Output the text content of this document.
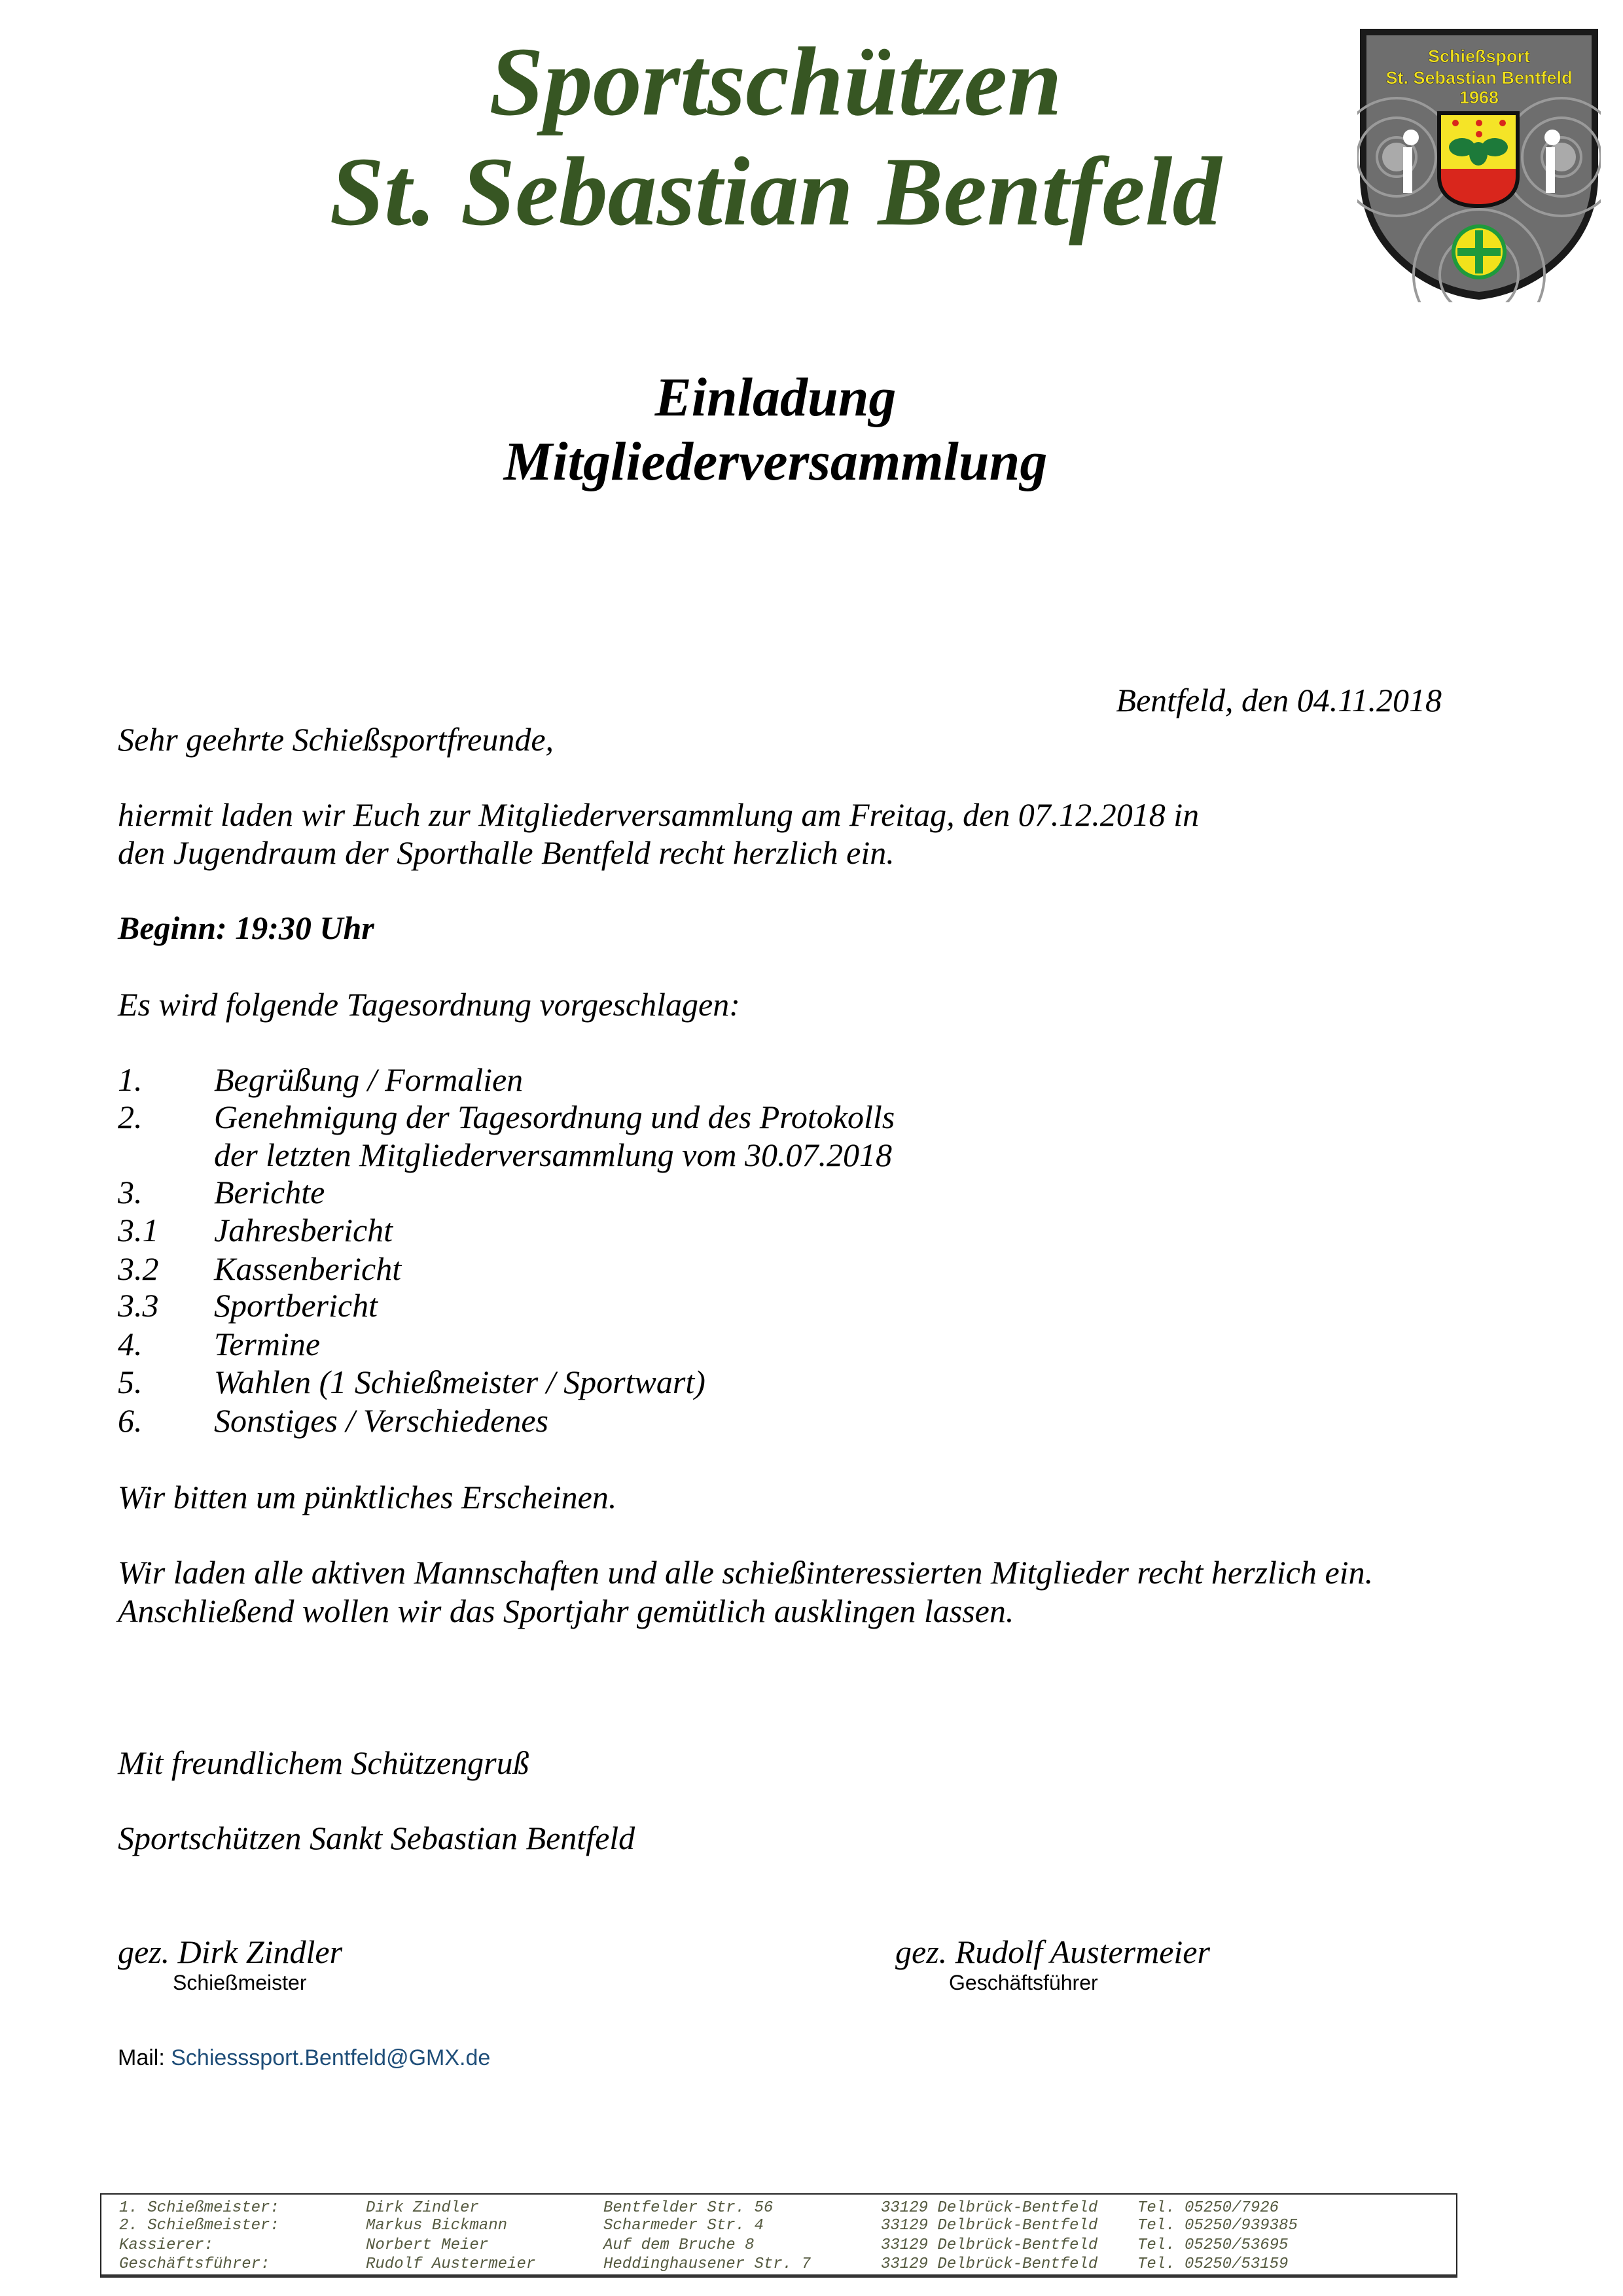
Sportschützen
St. Sebastian Bentfeld
Schießsport
St. Sebastian Bentfeld
1968
Einladung
Mitgliederversammlung
Bentfeld, den 04.11.2018
Sehr geehrte Schießsportfreunde,
hiermit laden wir Euch zur Mitgliederversammlung am Freitag, den 07.12.2018 in
den Jugendraum der Sporthalle Bentfeld recht herzlich ein.
Beginn: 19:30 Uhr
Es wird folgende Tagesordnung vorgeschlagen:
1. Begrüßung / Formalien
2. Genehmigung der Tagesordnung und des Protokolls
der letzten Mitgliederversammlung vom 30.07.2018
3. Berichte
3.1 Jahresbericht
3.2 Kassenbericht
3.3 Sportbericht
4. Termine
5. Wahlen (1 Schießmeister / Sportwart)
6. Sonstiges / Verschiedenes
Wir bitten um pünktliches Erscheinen.
Wir laden alle aktiven Mannschaften und alle schießinteressierten Mitglieder recht herzlich ein.
Anschließend wollen wir das Sportjahr gemütlich ausklingen lassen.
Mit freundlichem Schützengruß
Sportschützen Sankt Sebastian Bentfeld
gez. Dirk Zindler
Schießmeister
gez. Rudolf Austermeier
Geschäftsführer
Mail: Schiesssport.Bentfeld@GMX.de
1. Schießmeister:	Dirk Zindler	Bentfelder Str. 56	33129 Delbrück-Bentfeld	Tel. 05250/7926
2. Schießmeister:	Markus Bickmann	Scharmeder Str. 4	33129 Delbrück-Bentfeld	Tel. 05250/939385
Kassierer:	Norbert Meier	Auf dem Bruche 8	33129 Delbrück-Bentfeld	Tel. 05250/53695
Geschäftsführer:	Rudolf Austermeier	Heddinghausener Str. 7	33129 Delbrück-Bentfeld	Tel. 05250/53159
